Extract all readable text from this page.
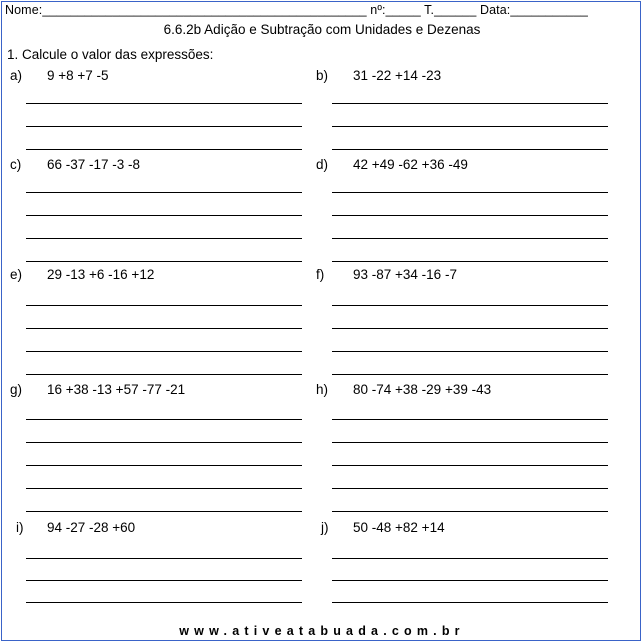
Nome:______________________________________________ nº:_____ T.______ Data:___________
6.6.2b Adição e Subtração com Unidades e Dezenas
1. Calcule o valor das expressões:
a) 9 +8 +7 -5	b) 31 -22 +14 -23
c) 66 -37 -17 -3 -8	d) 42 +49 -62 +36 -49
e) 29 -13 +6 -16 +12	f) 93 -87 +34 -16 -7
g) 16 +38 -13 +57 -77 -21	h) 80 -74 +38 -29 +39 -43
i) 94 -27 -28 +60	j) 50 -48 +82 +14
www.ativeatabuada.com.br
